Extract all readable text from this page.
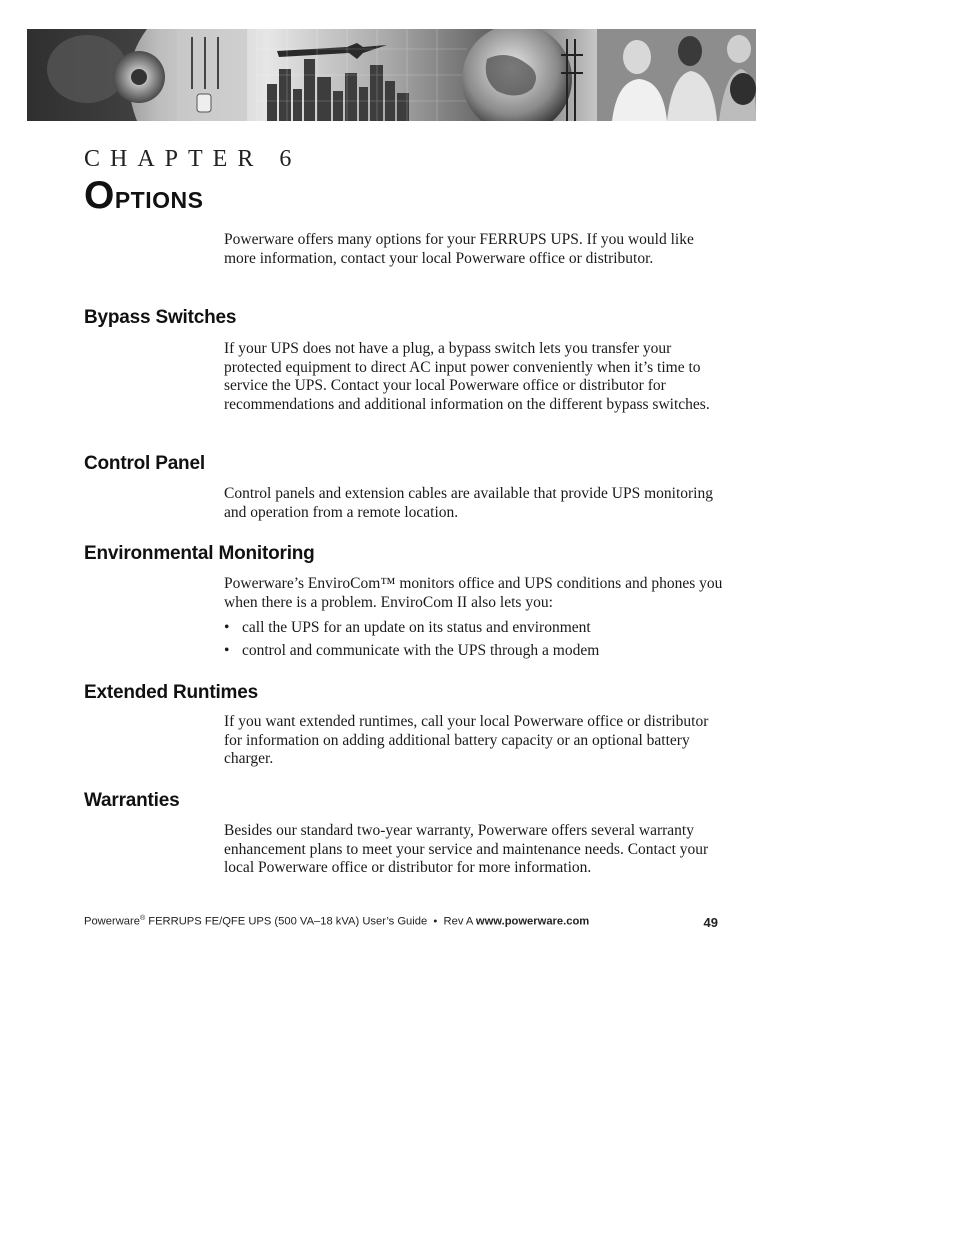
CHAPTER 6
Options

Powerware offers many options for your FERRUPS UPS. If you would like more information, contact your local Powerware office or distributor.

Bypass Switches

If your UPS does not have a plug, a bypass switch lets you transfer your protected equipment to direct AC input power conveniently when it’s time to service the UPS. Contact your local Powerware office or distributor for recommendations and additional information on the different bypass switches.

Control Panel

Control panels and extension cables are available that provide UPS monitoring and operation from a remote location.

Environmental Monitoring

Powerware’s EnviroCom™ monitors office and UPS conditions and phones you when there is a problem. EnviroCom II also lets you:

• call the UPS for an update on its status and environment
• control and communicate with the UPS through a modem
Extended Runtimes

If you want extended runtimes, call your local Powerware office or distributor for information on adding additional battery capacity or an optional battery charger.

Warranties

Besides our standard two-year warranty, Powerware offers several warranty enhancement plans to meet your service and maintenance needs. Contact your local Powerware office or distributor for more information.

Powerware® FERRUPS FE/QFE UPS (500 VA–18 kVA) User’s Guide  •  Rev A www.powerware.com	49
